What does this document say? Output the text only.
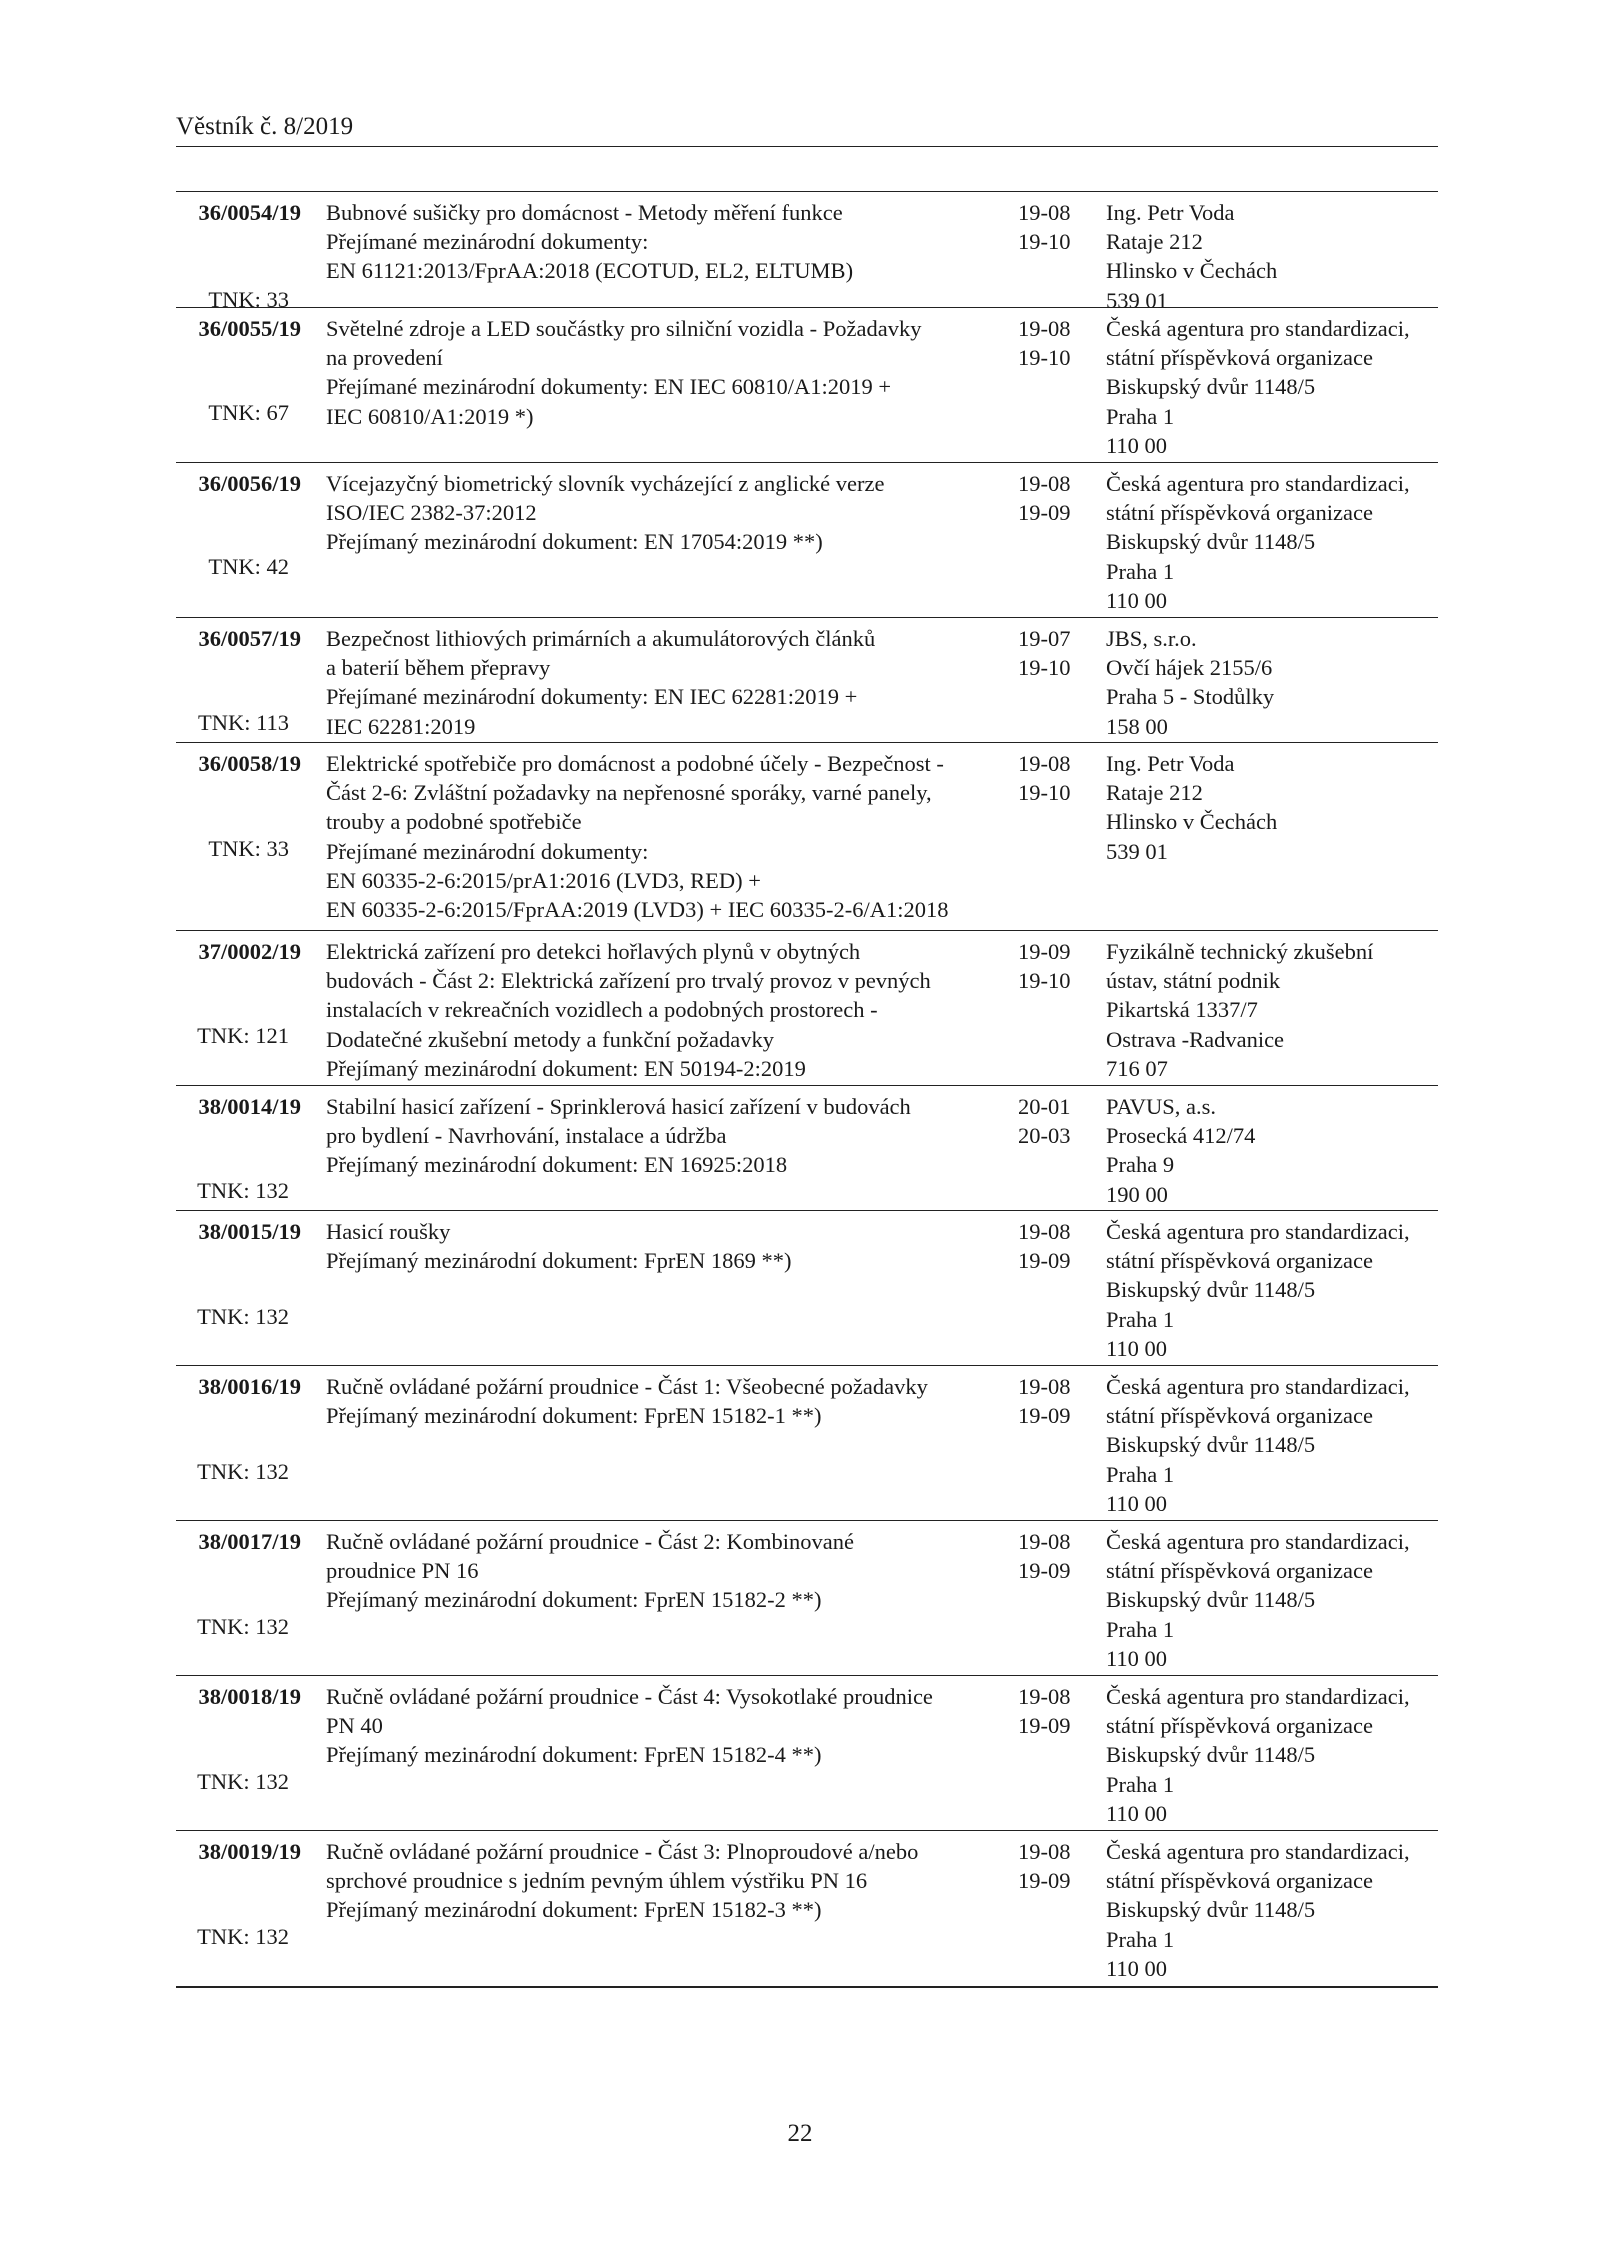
Věstník č. 8/2019
36/0054/19
TNK: 33
Bubnové sušičky pro domácnost - Metody měření funkce
Přejímané mezinárodní dokumenty:
EN 61121:2013/FprAA:2018 (ECOTUD, EL2, ELTUMB)
19-08
19-10
Ing. Petr Voda
Rataje 212
Hlinsko v Čechách
539 01
36/0055/19
TNK: 67
Světelné zdroje a LED součástky pro silniční vozidla - Požadavky
na provedení
Přejímané mezinárodní dokumenty: EN IEC 60810/A1:2019 +
IEC 60810/A1:2019 *)
19-08
19-10
Česká agentura pro standardizaci,
státní příspěvková organizace
Biskupský dvůr 1148/5
Praha 1
110 00
36/0056/19
TNK: 42
Vícejazyčný biometrický slovník vycházející z anglické verze
ISO/IEC 2382-37:2012
Přejímaný mezinárodní dokument: EN 17054:2019 **)
19-08
19-09
Česká agentura pro standardizaci,
státní příspěvková organizace
Biskupský dvůr 1148/5
Praha 1
110 00
36/0057/19
TNK: 113
Bezpečnost lithiových primárních a akumulátorových článků
a baterií během přepravy
Přejímané mezinárodní dokumenty: EN IEC 62281:2019 +
IEC 62281:2019
19-07
19-10
JBS, s.r.o.
Ovčí hájek 2155/6
Praha 5 - Stodůlky
158 00
36/0058/19
TNK: 33
Elektrické spotřebiče pro domácnost a podobné účely - Bezpečnost -
Část 2-6: Zvláštní požadavky na nepřenosné sporáky, varné panely,
trouby a podobné spotřebiče
Přejímané mezinárodní dokumenty:
EN 60335-2-6:2015/prA1:2016 (LVD3, RED) +
EN 60335-2-6:2015/FprAA:2019 (LVD3) + IEC 60335-2-6/A1:2018
19-08
19-10
Ing. Petr Voda
Rataje 212
Hlinsko v Čechách
539 01
37/0002/19
TNK: 121
Elektrická zařízení pro detekci hořlavých plynů v obytných
budovách - Část 2: Elektrická zařízení pro trvalý provoz v pevných
instalacích v rekreačních vozidlech a podobných prostorech -
Dodatečné zkušební metody a funkční požadavky
Přejímaný mezinárodní dokument: EN 50194-2:2019
19-09
19-10
Fyzikálně technický zkušební
ústav, státní podnik
Pikartská 1337/7
Ostrava -Radvanice
716 07
38/0014/19
TNK: 132
Stabilní hasicí zařízení - Sprinklerová hasicí zařízení v budovách
pro bydlení - Navrhování, instalace a údržba
Přejímaný mezinárodní dokument: EN 16925:2018
20-01
20-03
PAVUS, a.s.
Prosecká 412/74
Praha 9
190 00
38/0015/19
TNK: 132
Hasicí roušky
Přejímaný mezinárodní dokument: FprEN 1869 **)
19-08
19-09
Česká agentura pro standardizaci,
státní příspěvková organizace
Biskupský dvůr 1148/5
Praha 1
110 00
38/0016/19
TNK: 132
Ručně ovládané požární proudnice - Část 1: Všeobecné požadavky
Přejímaný mezinárodní dokument: FprEN 15182-1 **)
19-08
19-09
Česká agentura pro standardizaci,
státní příspěvková organizace
Biskupský dvůr 1148/5
Praha 1
110 00
38/0017/19
TNK: 132
Ručně ovládané požární proudnice - Část 2: Kombinované
proudnice PN 16
Přejímaný mezinárodní dokument: FprEN 15182-2 **)
19-08
19-09
Česká agentura pro standardizaci,
státní příspěvková organizace
Biskupský dvůr 1148/5
Praha 1
110 00
38/0018/19
TNK: 132
Ručně ovládané požární proudnice - Část 4: Vysokotlaké proudnice
PN 40
Přejímaný mezinárodní dokument: FprEN 15182-4 **)
19-08
19-09
Česká agentura pro standardizaci,
státní příspěvková organizace
Biskupský dvůr 1148/5
Praha 1
110 00
38/0019/19
TNK: 132
Ručně ovládané požární proudnice - Část 3: Plnoproudové a/nebo
sprchové proudnice s jedním pevným úhlem výstřiku PN 16
Přejímaný mezinárodní dokument: FprEN 15182-3 **)
19-08
19-09
Česká agentura pro standardizaci,
státní příspěvková organizace
Biskupský dvůr 1148/5
Praha 1
110 00
22
